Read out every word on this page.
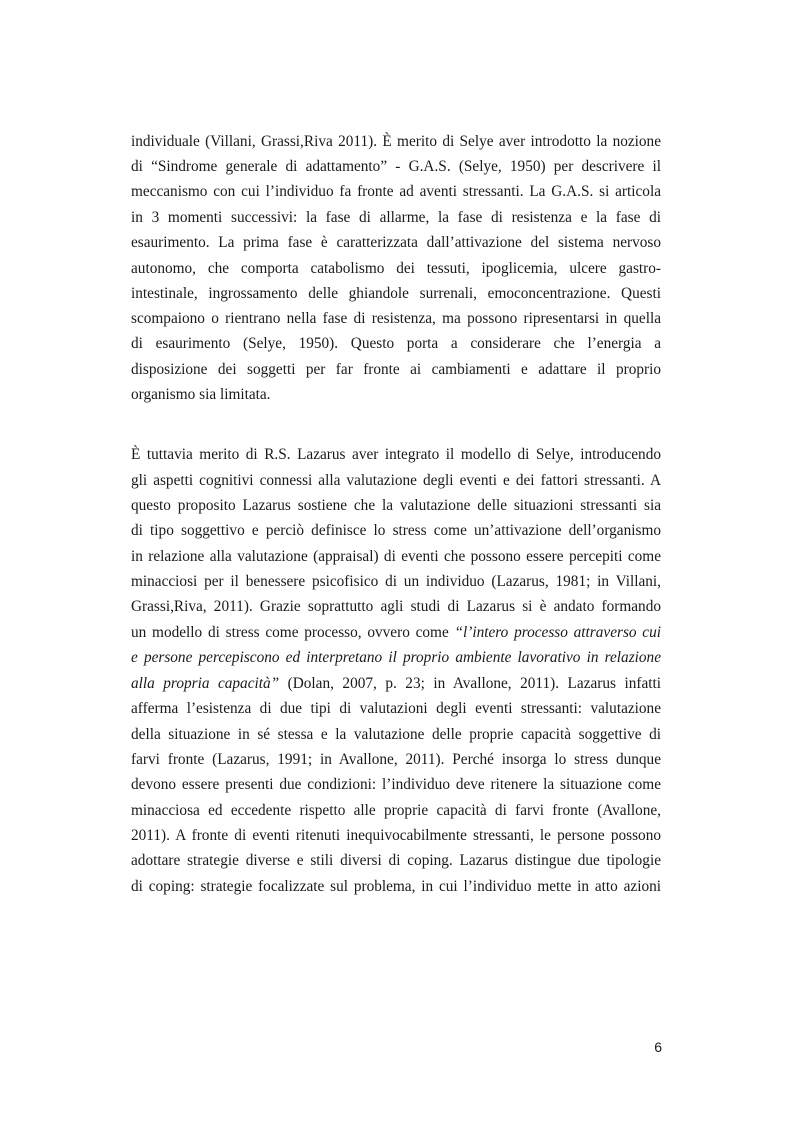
individuale (Villani, Grassi,Riva 2011). È merito di Selye aver introdotto la nozione
di “Sindrome generale di adattamento” - G.A.S. (Selye, 1950) per descrivere il
meccanismo con cui l’individuo fa fronte ad aventi stressanti. La G.A.S. si articola
in 3 momenti successivi: la fase di allarme, la fase di resistenza e la fase di
esaurimento. La prima fase è caratterizzata dall’attivazione del sistema nervoso
autonomo, che comporta catabolismo dei tessuti, ipoglicemia, ulcere gastro-
intestinale, ingrossamento delle ghiandole surrenali, emoconcentrazione. Questi
scompaiono o rientrano nella fase di resistenza, ma possono ripresentarsi in quella
di esaurimento (Selye, 1950). Questo porta a considerare che l’energia a
disposizione dei soggetti per far fronte ai cambiamenti e adattare il proprio
organismo sia limitata.
È tuttavia merito di R.S. Lazarus aver integrato il modello di Selye, introducendo
gli aspetti cognitivi connessi alla valutazione degli eventi e dei fattori stressanti. A
questo proposito Lazarus sostiene che la valutazione delle situazioni stressanti sia
di tipo soggettivo e perciò definisce lo stress come un’attivazione dell’organismo
in relazione alla valutazione (appraisal) di eventi che possono essere percepiti come
minacciosi per il benessere psicofisico di un individuo (Lazarus, 1981; in Villani,
Grassi,Riva, 2011). Grazie soprattutto agli studi di Lazarus si è andato formando
un modello di stress come processo, ovvero come “l’intero processo attraverso cui
e persone percepiscono ed interpretano il proprio ambiente lavorativo in relazione
alla propria capacità” (Dolan, 2007, p. 23; in Avallone, 2011). Lazarus infatti
afferma l’esistenza di due tipi di valutazioni degli eventi stressanti: valutazione
della situazione in sé stessa e la valutazione delle proprie capacità soggettive di
farvi fronte (Lazarus, 1991; in Avallone, 2011). Perché insorga lo stress dunque
devono essere presenti due condizioni: l’individuo deve ritenere la situazione come
minacciosa ed eccedente rispetto alle proprie capacità di farvi fronte (Avallone,
2011). A fronte di eventi ritenuti inequivocabilmente stressanti, le persone possono
adottare strategie diverse e stili diversi di coping. Lazarus distingue due tipologie
di coping: strategie focalizzate sul problema, in cui l’individuo mette in atto azioni
6
